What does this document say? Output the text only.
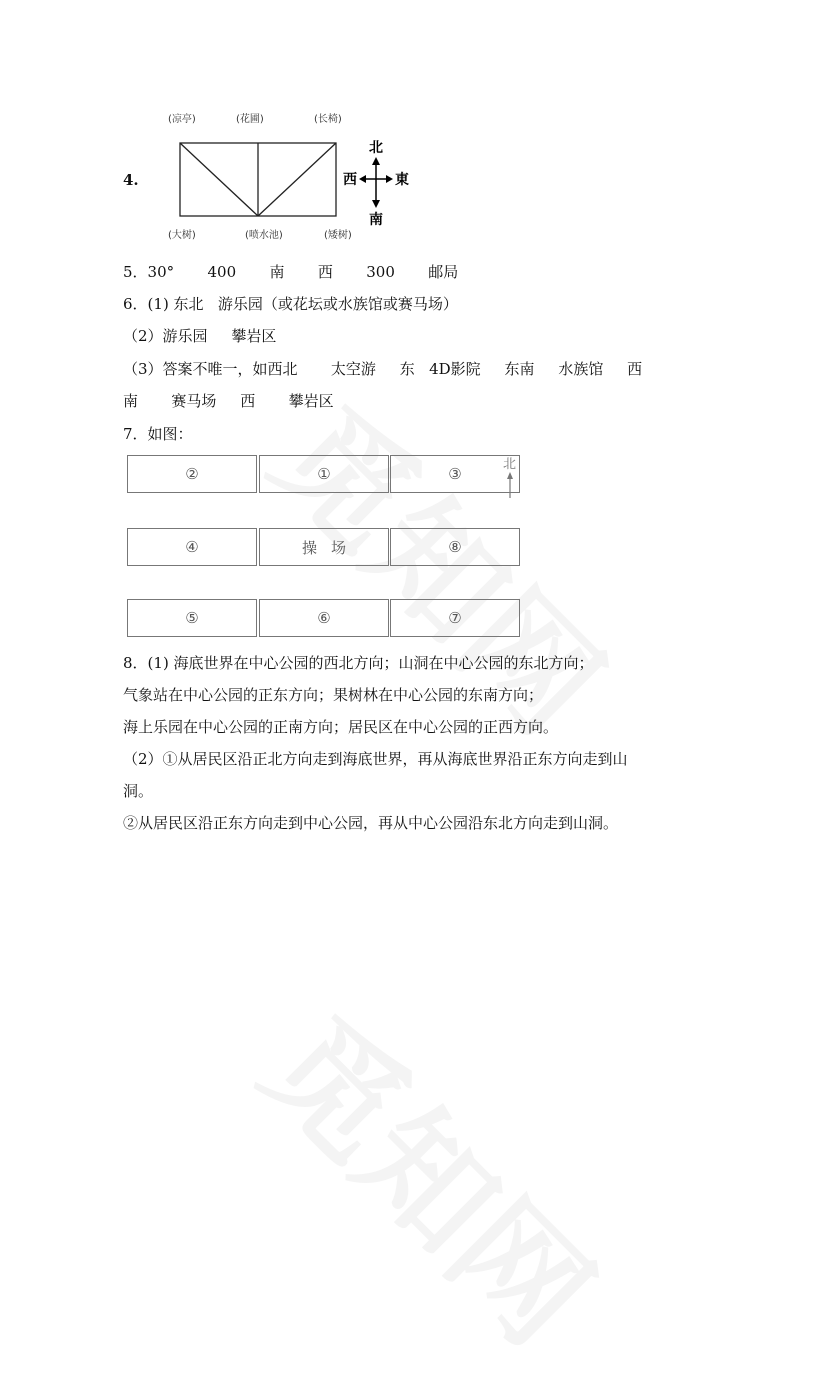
4.
(凉亭)	(花圃)	(长椅)
(大树)	(喷水池)	(矮树)
北
南
西	東
5．30°       400       南       西       300       邮局
6．(1) 东北   游乐园（或花坛或水族馆或赛马场）
（2）游乐园     攀岩区
（3）答案不唯一，如西北       太空游     东   4D影院     东南     水族馆     西
南       赛马场     西       攀岩区
7．如图：
②	①	③
④	操场	⑧
⑤	⑥	⑦
北
8．(1) 海底世界在中心公园的西北方向；山洞在中心公园的东北方向；
气象站在中心公园的正东方向；果树林在中心公园的东南方向；
海上乐园在中心公园的正南方向；居民区在中心公园的正西方向。
（2）①从居民区沿正北方向走到海底世界，再从海底世界沿正东方向走到山
洞。
②从居民区沿正东方向走到中心公园，再从中心公园沿东北方向走到山洞。
